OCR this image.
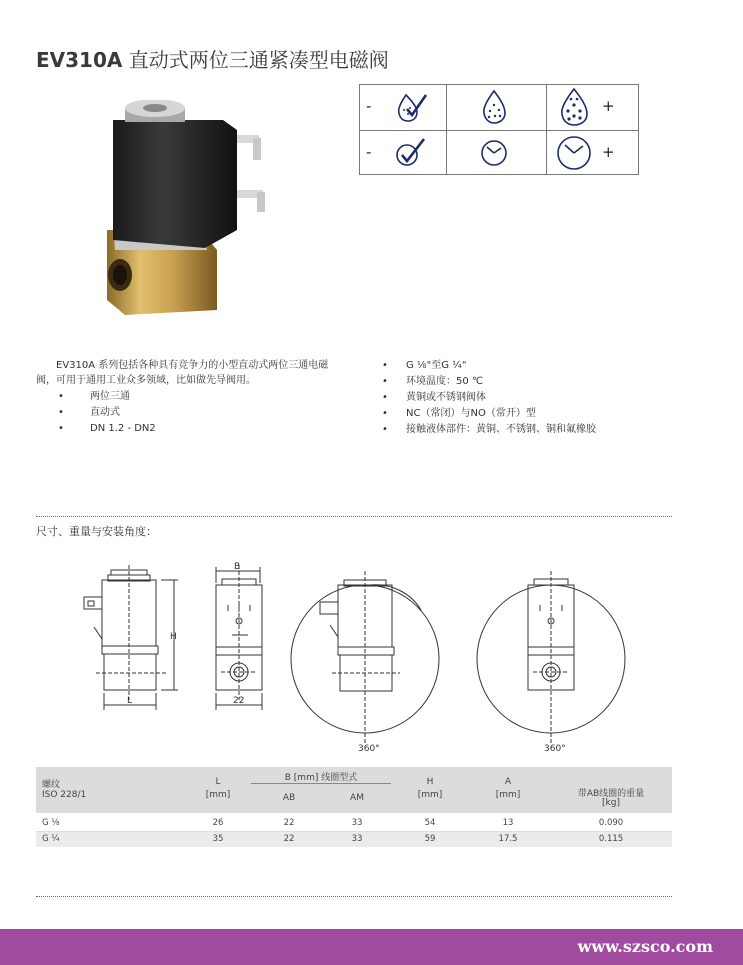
EV310A 直动式两位三通紧凑型电磁阀
-	+
-	+
EV310A 系列包括各种具有竞争力的小型直动式两位三通电磁
阀，可用于通用工业众多领域，比如做先导阀用。
•	两位三通
•	直动式
•	DN 1.2 - DN2
• G ⅛"至G ¼"
• 环境温度：50 ℃
• 黄铜或不锈钢阀体
• NC（常闭）与NO（常开）型
• 接触液体部件：黄铜、不锈钢、铜和氟橡胶
尺寸、重量与安装角度：
H
L
B
22
360°	360°
螺纹
ISO 228/1
L
[mm]
B [mm] 线圈型式
AB	AM
H
[mm]
A
[mm]	带AB线圈的重量
[kg]
G ⅛	26	22	33	54	13	0.090
G ¼	35	22	33	59	17.5	0.115
www.szsco.com
